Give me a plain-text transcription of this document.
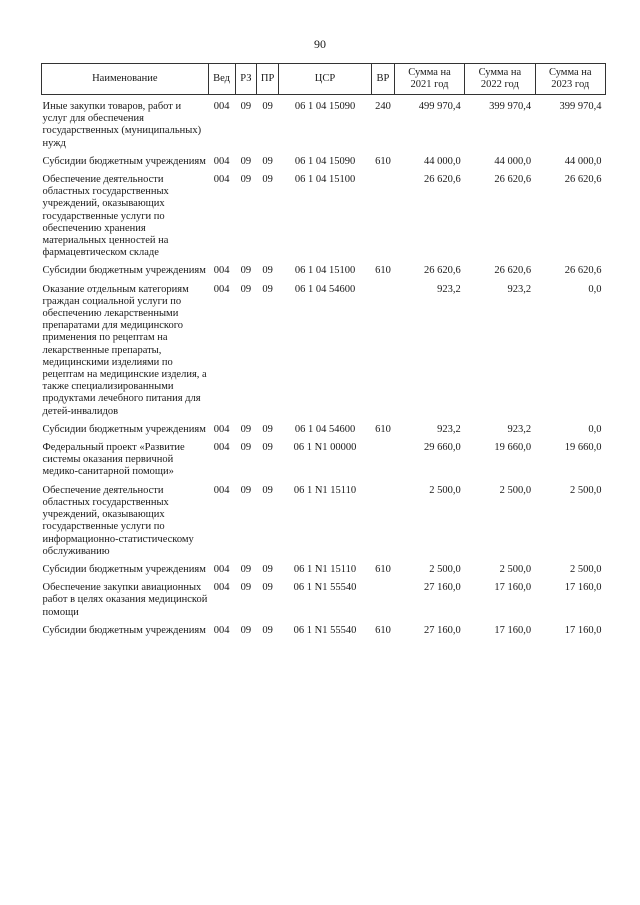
90
Наименование	Вед	РЗ	ПР	ЦСР	ВР	Сумма на 2021 год	Сумма на 2022 год	Сумма на 2023 год
Иные закупки товаров, работ и услуг для обеспечения государственных (муниципальных) нужд	004	09	09	06 1 04 15090	240	499 970,4	399 970,4	399 970,4
Субсидии бюджетным учреждениям	004	09	09	06 1 04 15090	610	44 000,0	44 000,0	44 000,0
Обеспечение деятельности областных государственных учреждений, оказывающих государственные услуги по обеспечению хранения материальных ценностей на фармацевтическом складе	004	09	09	06 1 04 15100		26 620,6	26 620,6	26 620,6
Субсидии бюджетным учреждениям	004	09	09	06 1 04 15100	610	26 620,6	26 620,6	26 620,6
Оказание отдельным категориям граждан социальной услуги по обеспечению лекарственными препаратами для медицинского применения по рецептам на лекарственные препараты, медицинскими изделиями по рецептам на медицинские изделия, а также специализированными продуктами лечебного питания для детей-инвалидов	004	09	09	06 1 04 54600		923,2	923,2	0,0
Субсидии бюджетным учреждениям	004	09	09	06 1 04 54600	610	923,2	923,2	0,0
Федеральный проект «Развитие системы оказания первичной медико-санитарной помощи»	004	09	09	06 1 N1 00000		29 660,0	19 660,0	19 660,0
Обеспечение деятельности областных государственных учреждений, оказывающих государственные услуги по информационно-статистическому обслуживанию	004	09	09	06 1 N1 15110		2 500,0	2 500,0	2 500,0
Субсидии бюджетным учреждениям	004	09	09	06 1 N1 15110	610	2 500,0	2 500,0	2 500,0
Обеспечение закупки авиационных работ в целях оказания медицинской помощи	004	09	09	06 1 N1 55540		27 160,0	17 160,0	17 160,0
Субсидии бюджетным учреждениям	004	09	09	06 1 N1 55540	610	27 160,0	17 160,0	17 160,0
